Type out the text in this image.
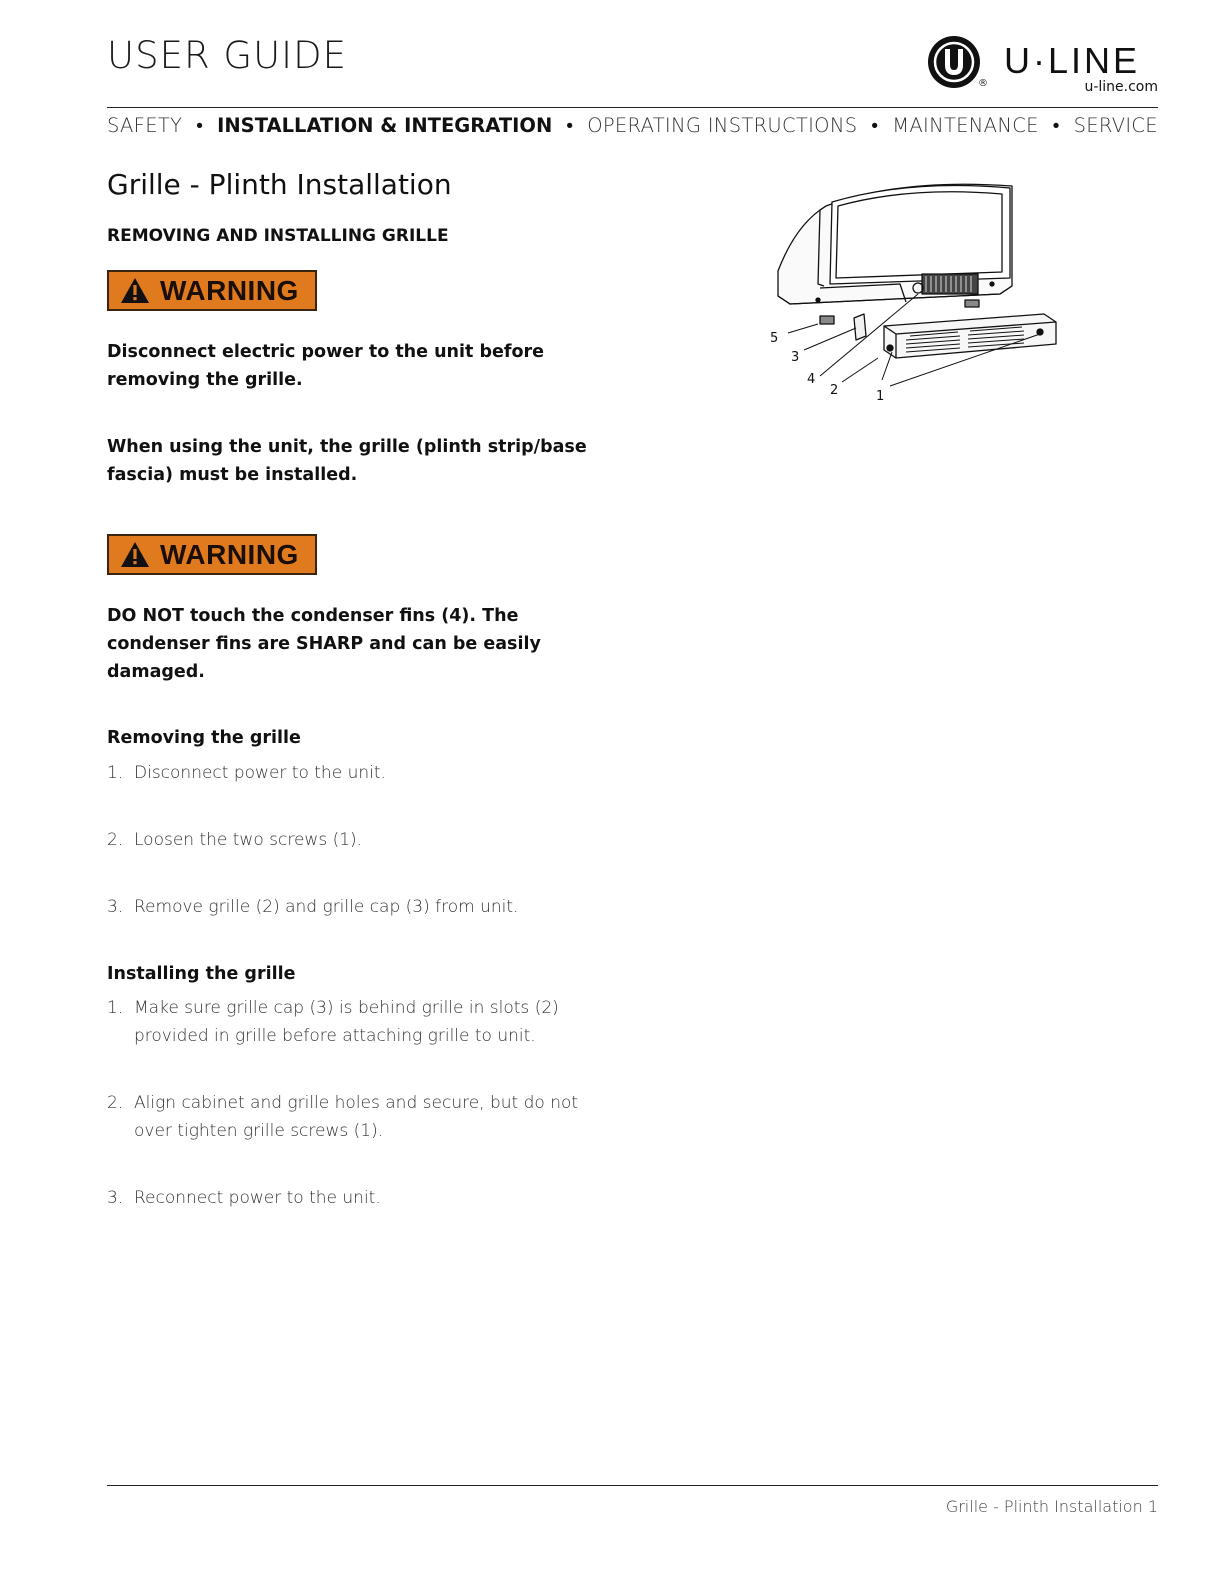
USER GUIDE
®
U·LINE
u-line.com
SAFETY • INSTALLATION & INTEGRATION • OPERATING INSTRUCTIONS • MAINTENANCE • SERVICE
Grille - Plinth Installation
REMOVING AND INSTALLING GRILLE
WARNING
Disconnect electric power to the unit before removing the grille.
When using the unit, the grille (plinth strip/base fascia) must be installed.
WARNING
DO NOT touch the condenser fins (4). The condenser fins are SHARP and can be easily damaged.
Removing the grille
1. Disconnect power to the unit.
2. Loosen the two screws (1).
3. Remove grille (2) and grille cap (3) from unit.
Installing the grille
1. Make sure grille cap (3) is behind grille in slots (2) provided in grille before attaching grille to unit.
2. Align cabinet and grille holes and secure, but do not over tighten grille screws (1).
3. Reconnect power to the unit.
5
3
4
2	1
Grille - Plinth Installation 1
